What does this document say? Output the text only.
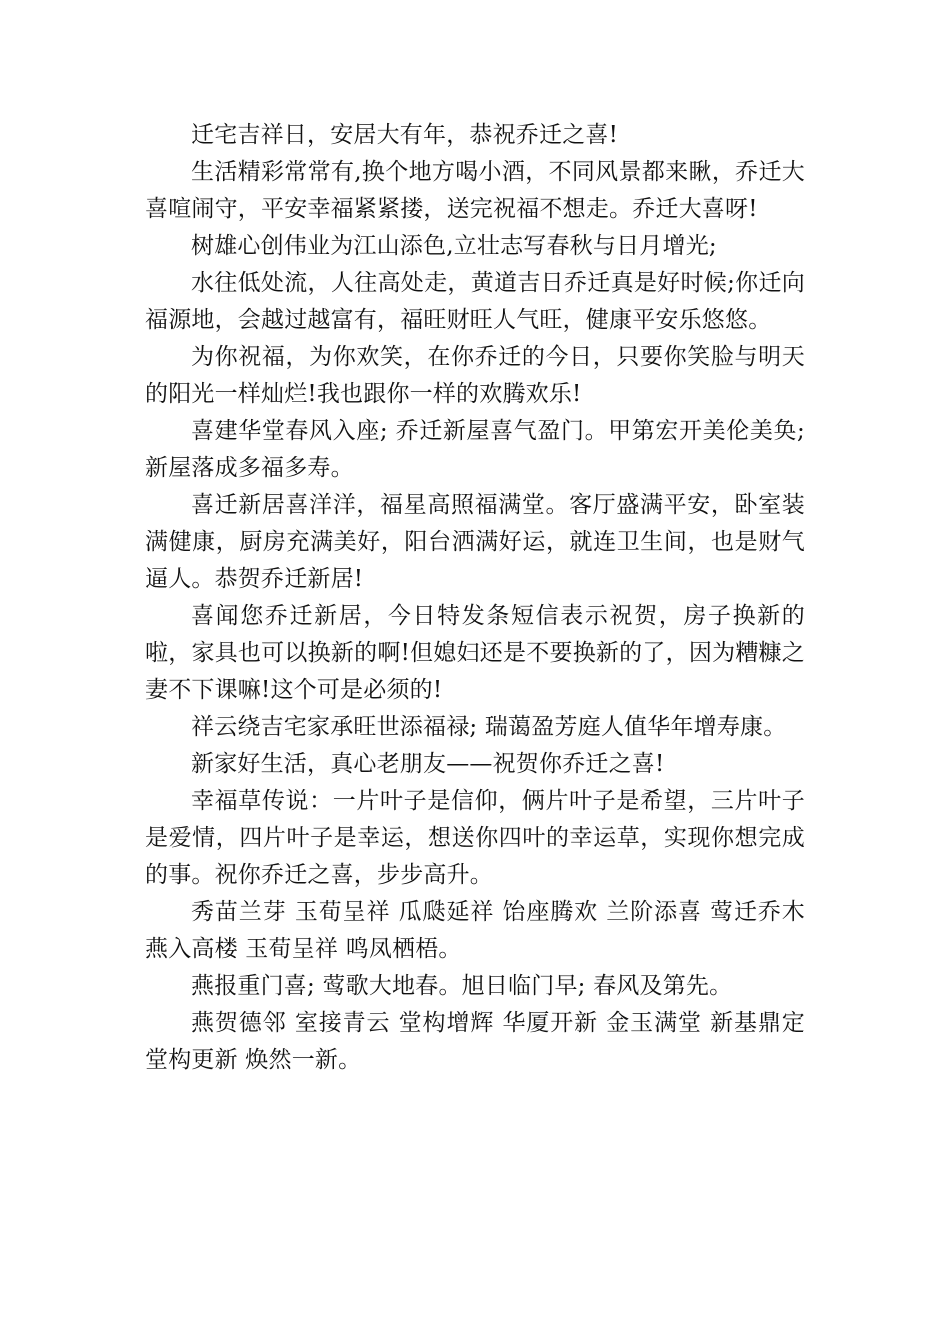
迁宅吉祥日，安居大有年，恭祝乔迁之喜!

生活精彩常常有,换个地方喝小酒，不同风景都来瞅，乔迁大喜喧闹守，平安幸福紧紧搂，送完祝福不想走。乔迁大喜呀!

树雄心创伟业为江山添色,立壮志写春秋与日月增光;

水往低处流，人往高处走，黄道吉日乔迁真是好时候;你迁向福源地，会越过越富有，福旺财旺人气旺，健康平安乐悠悠。

为你祝福，为你欢笑，在你乔迁的今日，只要你笑脸与明天的阳光一样灿烂!我也跟你一样的欢腾欢乐!

喜建华堂春风入座; 乔迁新屋喜气盈门。甲第宏开美伦美奂; 新屋落成多福多寿。

喜迁新居喜洋洋，福星高照福满堂。客厅盛满平安，卧室装满健康，厨房充满美好，阳台洒满好运，就连卫生间，也是财气逼人。恭贺乔迁新居!

喜闻您乔迁新居，今日特发条短信表示祝贺，房子换新的啦，家具也可以换新的啊!但媳妇还是不要换新的了，因为糟糠之妻不下课嘛!这个可是必须的!

祥云绕吉宅家承旺世添福禄; 瑞蔼盈芳庭人值华年增寿康。

新家好生活，真心老朋友——祝贺你乔迁之喜!

幸福草传说：一片叶子是信仰，俩片叶子是希望，三片叶子是爱情，四片叶子是幸运，想送你四叶的幸运草，实现你想完成的事。祝你乔迁之喜，步步高升。

秀苗兰芽 玉荀呈祥 瓜瓞延祥 饴座腾欢 兰阶添喜 莺迁乔木 燕入高楼 玉荀呈祥 鸣凤栖梧。

燕报重门喜; 莺歌大地春。旭日临门早; 春风及第先。

燕贺德邻 室接青云 堂构增辉 华厦开新 金玉满堂 新基鼎定 堂构更新 焕然一新。
